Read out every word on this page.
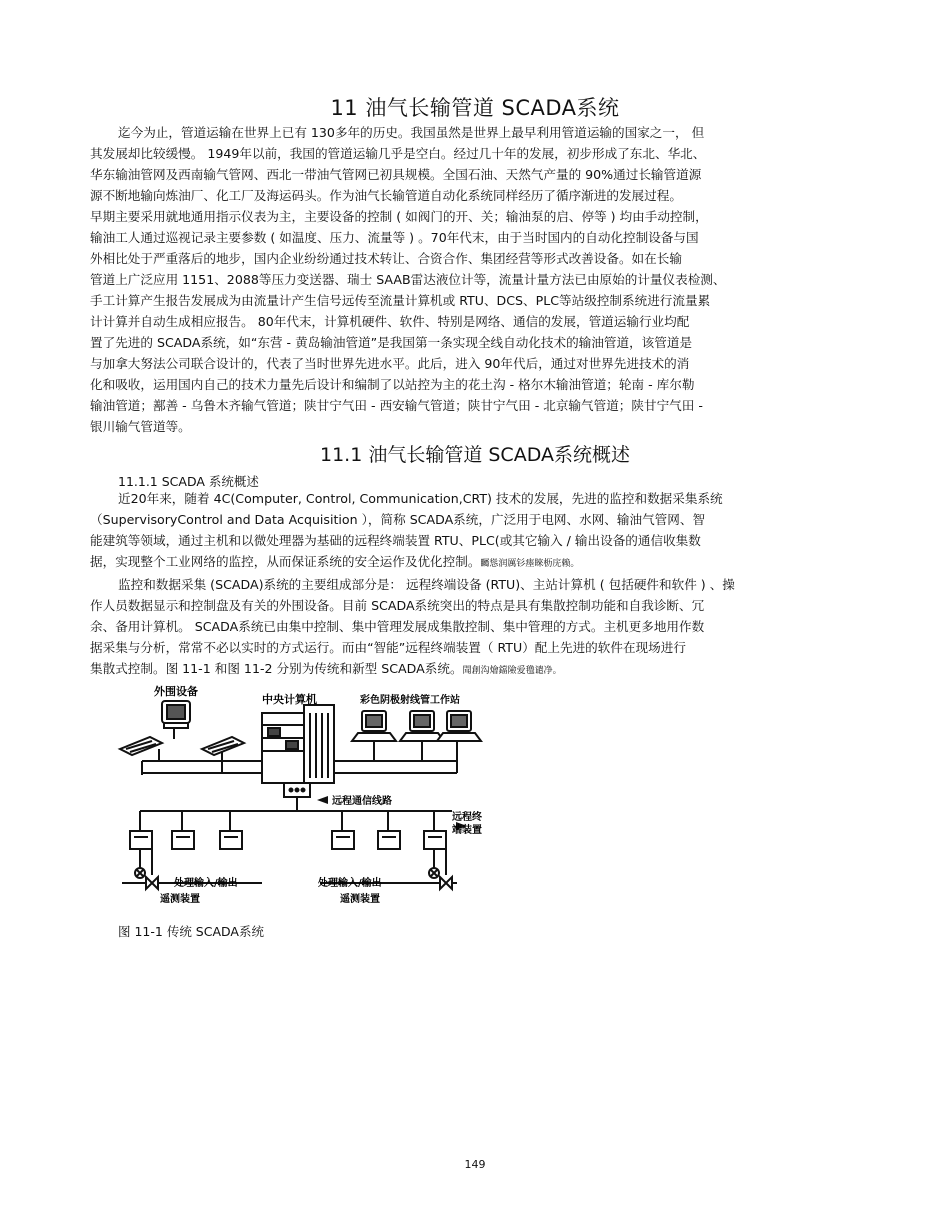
11 油气长输管道 SCADA系统
迄今为止，管道运输在世界上已有 130多年的历史。我国虽然是世界上最早利用管道运输的国家之一， 但
其发展却比较缓慢。 1949年以前，我国的管道运输几乎是空白。经过几十年的发展，初步形成了东北、华北、
华东输油管网及西南输气管网、西北一带油气管网已初具规模。全国石油、天然气产量的 90%通过长输管道源
源不断地输向炼油厂、化工厂及海运码头。作为油气长输管道自动化系统同样经历了循序渐进的发展过程。
早期主要采用就地通用指示仪表为主，主要设备的控制 ( 如阀门的开、关；输油泵的启、停等 ) 均由手动控制，
输油工人通过巡视记录主要参数 ( 如温度、压力、流量等 ) 。70年代末，由于当时国内的自动化控制设备与国
外相比处于严重落后的地步，国内企业纷纷通过技术转让、合资合作、集团经营等形式改善设备。如在长输
管道上广泛应用 1151、2088等压力变送器、瑞士 SAAB雷达液位计等，流量计量方法已由原始的计量仪表检测、
手工计算产生报告发展成为由流量计产生信号远传至流量计算机或 RTU、DCS、PLC等站级控制系统进行流量累
计计算并自动生成相应报告。 80年代末，计算机硬件、软件、特别是网络、通信的发展，管道运输行业均配
置了先进的 SCADA系统，如“东营 - 黄岛输油管道”是我国第一条实现全线自动化技术的输油管道，该管道是
与加拿大努法公司联合设计的，代表了当时世界先进水平。此后，进入 90年代后，通过对世界先进技术的消
化和吸收，运用国内自己的技术力量先后设计和编制了以站控为主的花土沟 - 格尔木输油管道；轮南 - 库尔勒
输油管道；鄯善 - 乌鲁木齐输气管道；陕甘宁气田 - 西安输气管道；陕甘宁气田 - 北京输气管道；陕甘宁气田 -
银川输气管道等。
11.1 油气长输管道 SCADA系统概述
11.1.1 SCADA 系统概述
近20年来，随着 4C(Computer, Control, Communication,CRT) 技术的发展，先进的监控和数据采集系统
（SupervisoryControl and Data Acquisition ），简称 SCADA系统，广泛用于电网、水网、输油气管网、智
能建筑等领域，通过主机和以微处理器为基础的远程终端装置 RTU、PLC(或其它输入 / 输出设备的通信收集数
据，实现整个工业网络的监控，从而保证系统的安全运作及优化控制。矚慫润厲钐瘗睞枥庑赖。
监控和数据采集 (SCADA)系统的主要组成部分是： 远程终端设备 (RTU)、主站计算机 ( 包括硬件和软件 ) 、操
作人员数据显示和控制盘及有关的外围设备。目前 SCADA系统突出的特点是具有集散控制功能和自我诊断、冗
余、备用计算机。 SCADA系统已由集中控制、集中管理发展成集散控制、集中管理的方式。主机更多地用作数
据采集与分析，常常不必以实时的方式运行。而由“智能”远程终端装置（ RTU）配上先进的软件在现场进行
集散式控制。图 11-1 和图 11-2 分别为传统和新型 SCADA系统。聞創沟燴鐺險爱氇谴净。
外围设备
中央计算机	彩色阴极射线管工作站
远程通信线路
远程终
端装置
处理输入/输出	处理输入/输出
遥测装置	遥测装置
图 11-1 传统 SCADA系统
149
